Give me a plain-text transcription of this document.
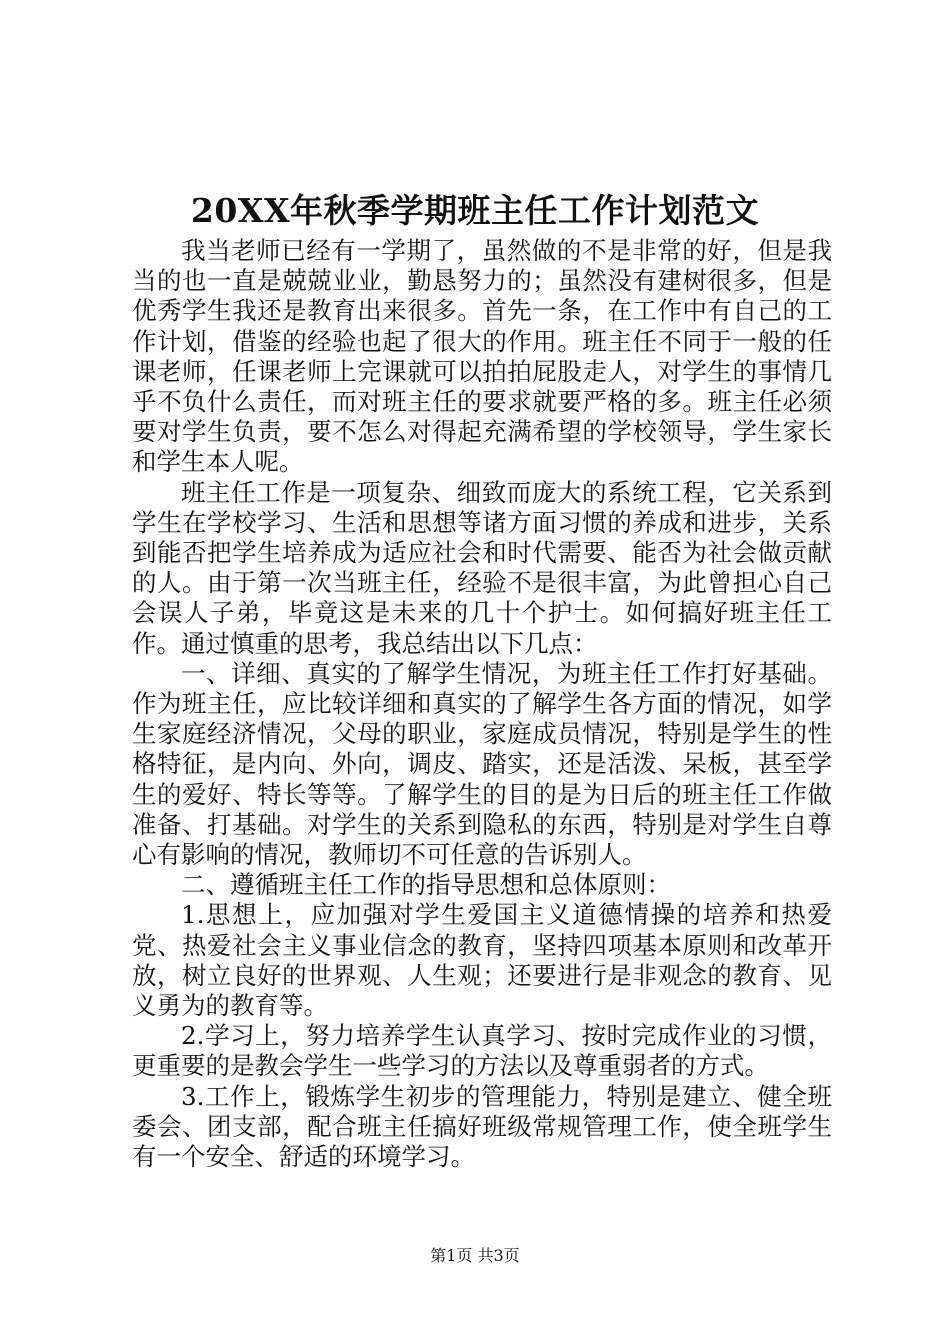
20XX年秋季学期班主任工作计划范文

我当老师已经有一学期了，虽然做的不是非常的好，但是我当的也一直是兢兢业业，勤恳努力的；虽然没有建树很多，但是优秀学生我还是教育出来很多。首先一条，在工作中有自己的工作计划，借鉴的经验也起了很大的作用。班主任不同于一般的任课老师，任课老师上完课就可以拍拍屁股走人，对学生的事情几乎不负什么责任，而对班主任的要求就要严格的多。班主任必须要对学生负责，要不怎么对得起充满希望的学校领导，学生家长和学生本人呢。

班主任工作是一项复杂、细致而庞大的系统工程，它关系到学生在学校学习、生活和思想等诸方面习惯的养成和进步，关系到能否把学生培养成为适应社会和时代需要、能否为社会做贡献的人。由于第一次当班主任，经验不是很丰富，为此曾担心自己会误人子弟，毕竟这是未来的几十个护士。如何搞好班主任工作。通过慎重的思考，我总结出以下几点：

一、详细、真实的了解学生情况，为班主任工作打好基础。作为班主任，应比较详细和真实的了解学生各方面的情况，如学生家庭经济情况，父母的职业，家庭成员情况，特别是学生的性格特征，是内向、外向，调皮、踏实，还是活泼、呆板，甚至学生的爱好、特长等等。了解学生的目的是为日后的班主任工作做准备、打基础。对学生的关系到隐私的东西，特别是对学生自尊心有影响的情况，教师切不可任意的告诉别人。

二、遵循班主任工作的指导思想和总体原则：

1.思想上，应加强对学生爱国主义道德情操的培养和热爱党、热爱社会主义事业信念的教育，坚持四项基本原则和改革开放，树立良好的世界观、人生观；还要进行是非观念的教育、见义勇为的教育等。

2.学习上，努力培养学生认真学习、按时完成作业的习惯，更重要的是教会学生一些学习的方法以及尊重弱者的方式。

3.工作上，锻炼学生初步的管理能力，特别是建立、健全班委会、团支部，配合班主任搞好班级常规管理工作，使全班学生有一个安全、舒适的环境学习。

第1页 共3页
